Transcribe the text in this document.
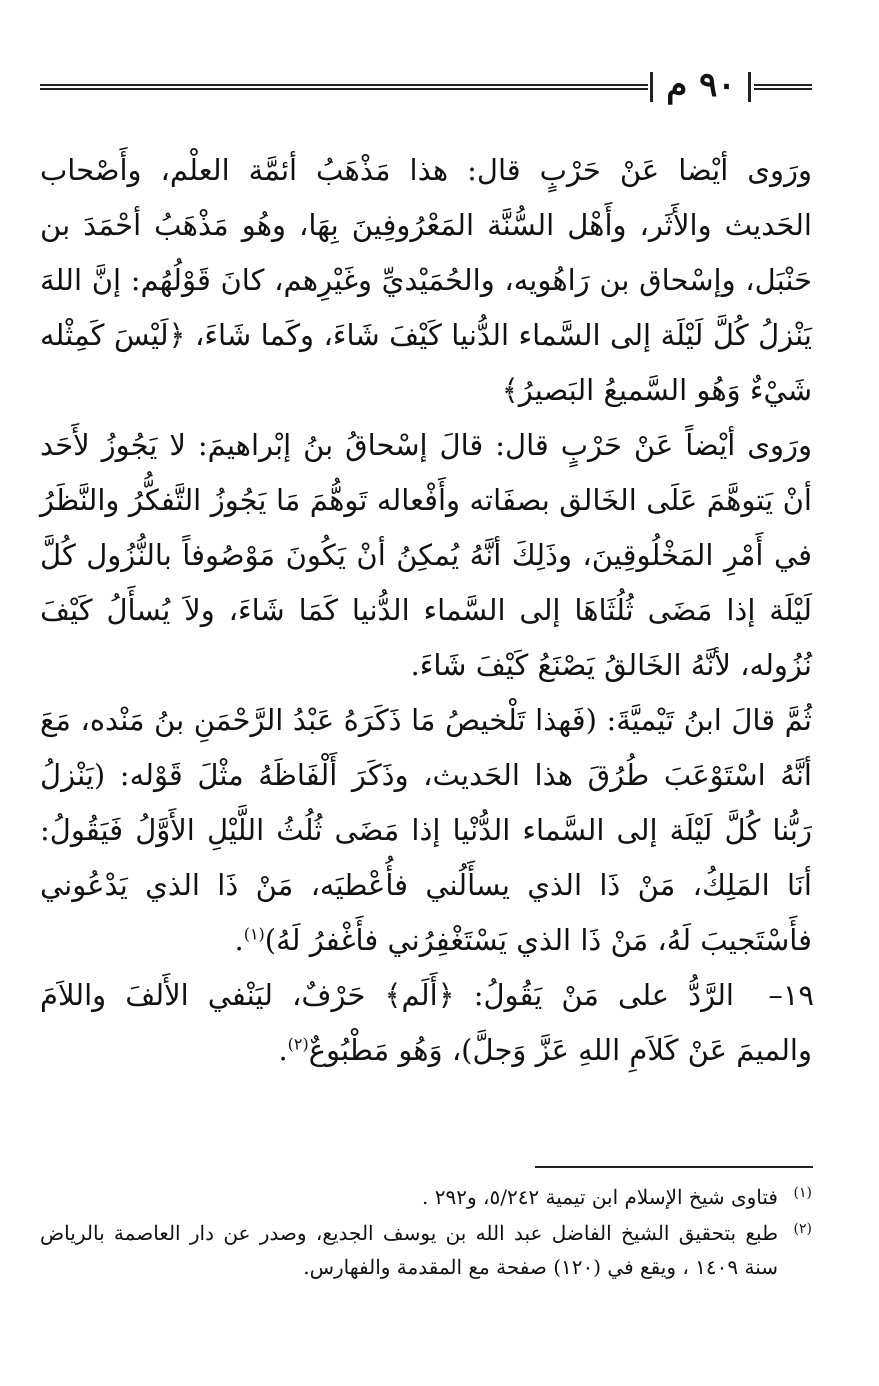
٩٠ م

ورَوى أيْضا عَنْ حَرْبٍ قال: هذا مَذْهَبُ أئمَّة العلْم، وأَصْحاب الحَديث والأَثَر، وأَهْل السُّنَّة المَعْرُوفِينَ بِهَا، وهُو مَذْهَبُ أحْمَدَ بن حَنْبَل، وإسْحاق بن رَاهُويه، والحُمَيْديِّ وغَيْرِهم، كانَ قَوْلُهُم: إنَّ اللهَ يَنْزلُ كُلَّ لَيْلَة إلى السَّماء الدُّنيا كَيْفَ شَاءَ، وكَما شَاءَ، ﴿لَيْسَ كَمِثْله شَيْءٌ وَهُو السَّميعُ البَصيرُ﴾

ورَوى أيْضاً عَنْ حَرْبٍ قال: قالَ إسْحاقُ بنُ إبْراهيمَ: لا يَجُوزُ لأَحَد أنْ يَتوهَّمَ عَلَى الخَالق بصفَاته وأَفْعاله تَوهُّمَ مَا يَجُوزُ التَّفكُّرُ والنَّظَرُ في أَمْرِ المَخْلُوقِينَ، وذَلِكَ أنَّهُ يُمكِنُ أنْ يَكُونَ مَوْصُوفاً بالنُّزُول كُلَّ لَيْلَة إذا مَضَى ثُلُثَاهَا إلى السَّماء الدُّنيا كَمَا شَاءَ، ولاَ يُسأَلُ كَيْفَ نُزُوله، لأنَّهُ الخَالقُ يَصْنَعُ كَيْفَ شَاءَ.

ثُمَّ قالَ ابنُ تَيْميَّةَ: (فَهذا تَلْخيصُ مَا ذَكَرَهُ عَبْدُ الرَّحْمَنِ بنُ مَنْده، مَعَ أنَّهُ اسْتَوْعَبَ طُرُقَ هذا الحَديث، وذَكَرَ أَلْفَاظَهُ مثْلَ قَوْله: (يَنْزلُ رَبُّنا كُلَّ لَيْلَة إلى السَّماء الدُّنْيا إذا مَضَى ثُلُثُ اللَّيْلِ الأَوَّلُ فَيَقُولُ: أنَا المَلِكُ، مَنْ ذَا الذي يسأَلُني فأُعْطيَه، مَنْ ذَا الذي يَدْعُوني فأَسْتَجيبَ لَهُ، مَنْ ذَا الذي يَسْتَغْفِرُني فأَغْفرُ لَهُ)$^{(١)}$.

١٩–

الرَّدُّ على مَنْ يَقُولُ: ﴿أَلَم﴾ حَرْفٌ، ليَنْفي الأَلفَ واللاَمَ والميمَ عَنْ كَلاَمِ اللهِ عَزَّ وَجلَّ)، وَهُو مَطْبُوعٌ$^{(٢)}$.

(١)
فتاوى شيخ الإسلام ابن تيمية ٥/٢٤٢، و٢٩٢ .

(٢)
طبع بتحقيق الشيخ الفاضل عبد الله بن يوسف الجديع، وصدر عن دار العاصمة بالرياض سنة ١٤٠٩ ، ويقع في (١٢٠) صفحة مع المقدمة والفهارس.
